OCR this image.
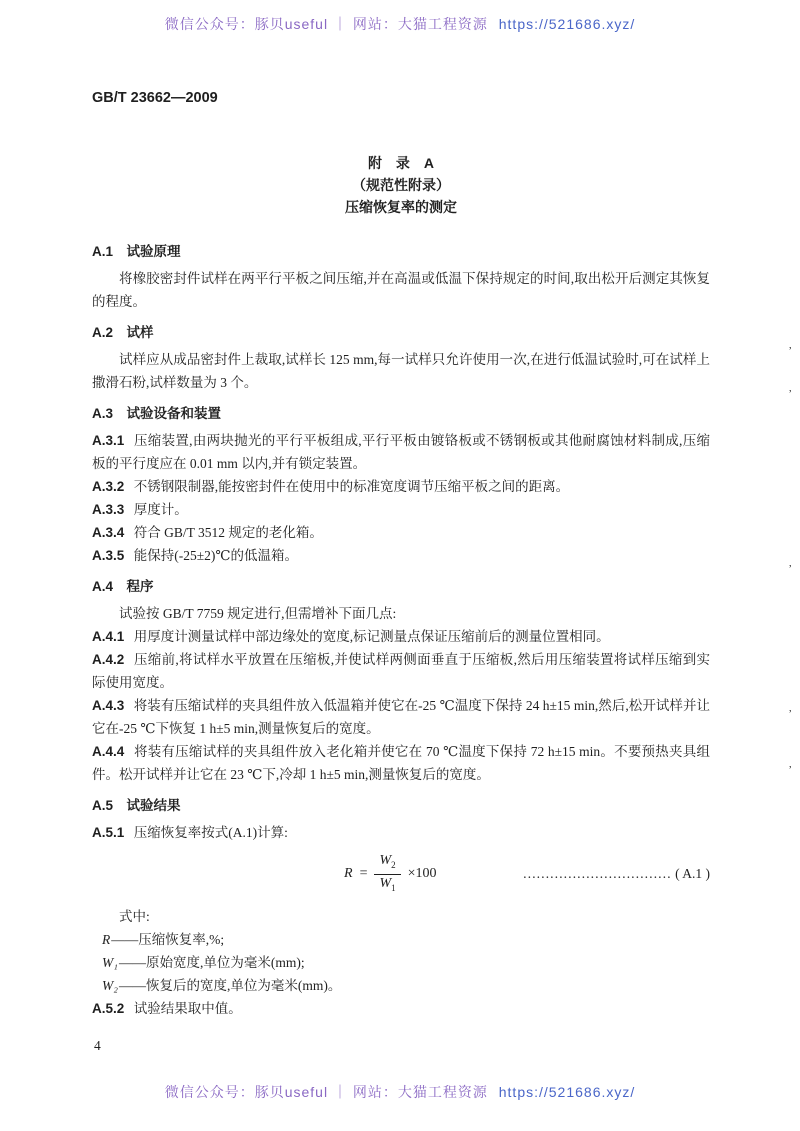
微信公众号：豚贝useful ｜ 网站：大猫工程资源 https://521686.xyz/
GB/T 23662—2009
附　录　A
（规范性附录）
压缩恢复率的测定
A.1　试验原理

将橡胶密封件试样在两平行平板之间压缩,并在高温或低温下保持规定的时间,取出松开后测定其恢复的程度。

A.2　试样

试样应从成品密封件上裁取,试样长 125 mm,每一试样只允许使用一次,在进行低温试验时,可在试样上撒滑石粉,试样数量为 3 个。

A.3　试验设备和装置

A.3.1 压缩装置,由两块抛光的平行平板组成,平行平板由镀铬板或不锈钢板或其他耐腐蚀材料制成,压缩板的平行度应在 0.01 mm 以内,并有锁定装置。

A.3.2 不锈钢限制器,能按密封件在使用中的标准宽度调节压缩平板之间的距离。

A.3.3 厚度计。

A.3.4 符合 GB/T 3512 规定的老化箱。

A.3.5 能保持(-25±2)℃的低温箱。

A.4　程序

试验按 GB/T 7759 规定进行,但需增补下面几点:

A.4.1 用厚度计测量试样中部边缘处的宽度,标记测量点保证压缩前后的测量位置相同。

A.4.2 压缩前,将试样水平放置在压缩板,并使试样两侧面垂直于压缩板,然后用压缩装置将试样压缩到实际使用宽度。

A.4.3 将装有压缩试样的夹具组件放入低温箱并使它在-25 ℃温度下保持 24 h±15 min,然后,松开试样并让它在-25 ℃下恢复 1 h±5 min,测量恢复后的宽度。

A.4.4 将装有压缩试样的夹具组件放入老化箱并使它在 70 ℃温度下保持 72 h±15 min。不要预热夹具组件。松开试样并让它在 23 ℃下,冷却 1 h±5 min,测量恢复后的宽度。

A.5　试验结果

A.5.1 压缩恢复率按式(A.1)计算:

$R = \frac{W_2}{W_1} \times 100$	…………………………… ( A.1 )

式中:

R——压缩恢复率,%;

W₁——原始宽度,单位为毫米(mm);

W₂——恢复后的宽度,单位为毫米(mm)。

A.5.2 试验结果取中值。

’
’
’
’
’
4
微信公众号：豚贝useful ｜ 网站：大猫工程资源 https://521686.xyz/
